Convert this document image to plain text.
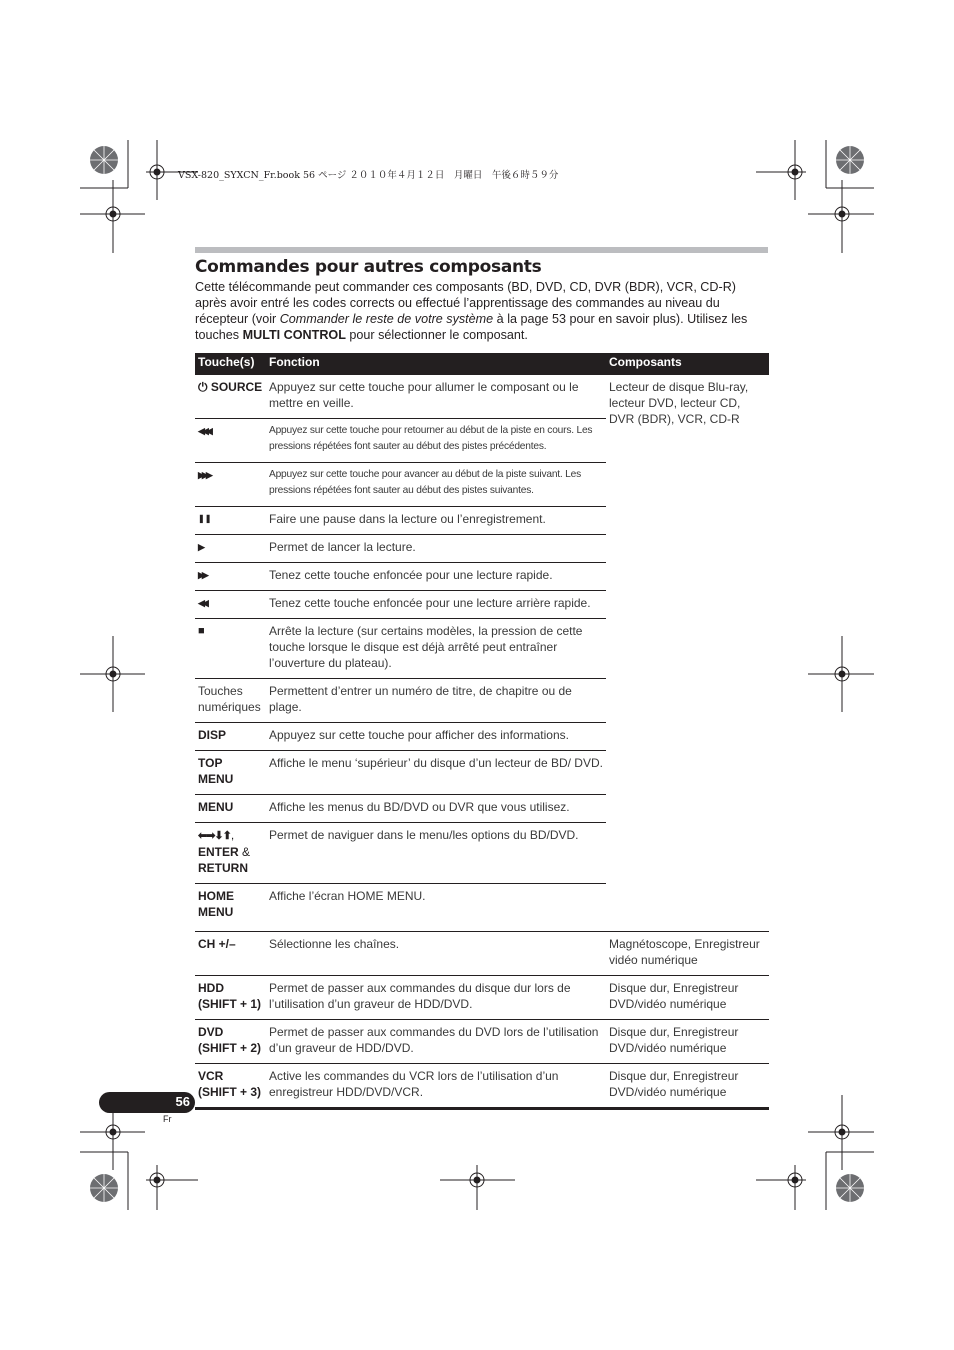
VSX-820_SYXCN_Fr.book 56 ページ ２０１０年４月１２日　月曜日　午後６時５９分
Commandes pour autres composants

Cette télécommande peut commander ces composants (BD, DVD, CD, DVR (BDR), VCR, CD-R) après avoir entré les codes corrects ou effectué l’apprentissage des commandes au niveau du récepteur (voir Commander le reste de votre système à la page 53 pour en savoir plus). Utilisez les touches MULTI CONTROL pour sélectionner le composant.

Touche(s)	Fonction	Composants
⏻ SOURCE	Appuyez sur cette touche pour allumer le composant ou le mettre en veille.	Lecteur de disque Blu-ray, lecteur DVD, lecteur CD, DVR (BDR), VCR, CD-R
◀◀◀	Appuyez sur cette touche pour retourner au début de la piste en cours. Les pressions répétées font sauter au début des pistes précédentes.	
▶▶▶	Appuyez sur cette touche pour avancer au début de la piste suivant. Les pressions répétées font sauter au début des pistes suivantes.	
❚❚	Faire une pause dans la lecture ou l’enregistrement.	
▶	Permet de lancer la lecture.	
▶▶	Tenez cette touche enfoncée pour une lecture rapide.	
◀◀	Tenez cette touche enfoncée pour une lecture arrière rapide.	
■	Arrête la lecture (sur certains modèles, la pression de cette touche lorsque le disque est déjà arrêté peut entraîner l’ouverture du plateau).	

Touches
numériques	Permettent d’entrer un numéro de titre, de chapitre ou de plage.	
DISP	Appuyez sur cette touche pour afficher des informations.	

TOP
MENU	Affiche le menu ‘supérieur’ du disque d’un lecteur de BD/ DVD.	
MENU	Affiche les menus du BD/DVD ou DVR que vous utilisez.	

⬅➡⬇⬆,
ENTER &
RETURN	Permet de naviguer dans le menu/les options du BD/DVD.	

HOME
MENU	Affiche l’écran HOME MENU.	
CH +/–	Sélectionne les chaînes.	Magnétoscope, Enregistreur vidéo numérique

HDD
(SHIFT + 1)	Permet de passer aux commandes du disque dur lors de l’utilisation d’un graveur de HDD/DVD.	Disque dur, Enregistreur DVD/vidéo numérique

DVD
(SHIFT + 2)	Permet de passer aux commandes du DVD lors de l’utilisation d’un graveur de HDD/DVD.	Disque dur, Enregistreur DVD/vidéo numérique

VCR
(SHIFT + 3)	Active les commandes du VCR lors de l’utilisation d’un enregistreur HDD/DVD/VCR.	Disque dur, Enregistreur DVD/vidéo numérique
56
Fr
